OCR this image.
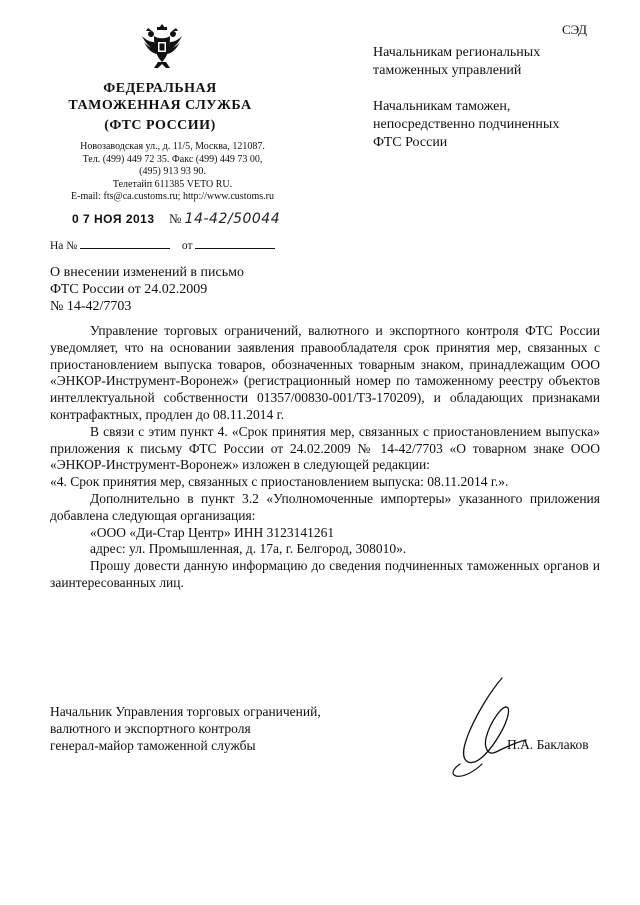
СЭД
ФЕДЕРАЛЬНАЯ
ТАМОЖЕННАЯ СЛУЖБА
(ФТС РОССИИ)
Новозаводская ул., д. 11/5, Москва, 121087.
Тел. (499) 449 72 35. Факс (499) 449 73 00,
(495) 913 93 90.
Телетайп 611385 VETO RU.
E-mail: fts@ca.customs.ru; http://www.customs.ru
Начальникам региональных
таможенных управлений
Начальникам таможен,
непосредственно подчиненных
ФТС России
0 7 НОЯ 2013 № 14-42/50044
На №	от
О внесении изменений в письмо
ФТС России от 24.02.2009
№ 14-42/7703

Управление торговых ограничений, валютного и экспортного контроля ФТС России уведомляет, что на основании заявления правообладателя срок принятия мер, связанных с приостановлением выпуска товаров, обозначенных товарным знаком, принадлежащим ООО «ЭНКОР-Инструмент-Воронеж» (регистрационный номер по таможенному реестру объектов интеллектуальной собственности 01357/00830-001/ТЗ-170209), и обладающих признаками контрафактных, продлен до 08.11.2014 г.

В связи с этим пункт 4. «Срок принятия мер, связанных с приостановлением выпуска» приложения к письму ФТС России от 24.02.2009 № 14-42/7703 «О товарном знаке ООО «ЭНКОР-Инструмент-Воронеж» изложен в следующей редакции:

«4. Срок принятия мер, связанных с приостановлением выпуска: 08.11.2014 г.».

Дополнительно в пункт 3.2 «Уполномоченные импортеры» указанного приложения добавлена следующая организация:

«ООО «Ди-Стар Центр» ИНН 3123141261

адрес: ул. Промышленная, д. 17а, г. Белгород, 308010».

Прошу довести данную информацию до сведения подчиненных таможенных органов и заинтересованных лиц.

Начальник Управления торговых ограничений,
валютного и экспортного контроля
генерал-майор таможенной службы	П.А. Баклаков
